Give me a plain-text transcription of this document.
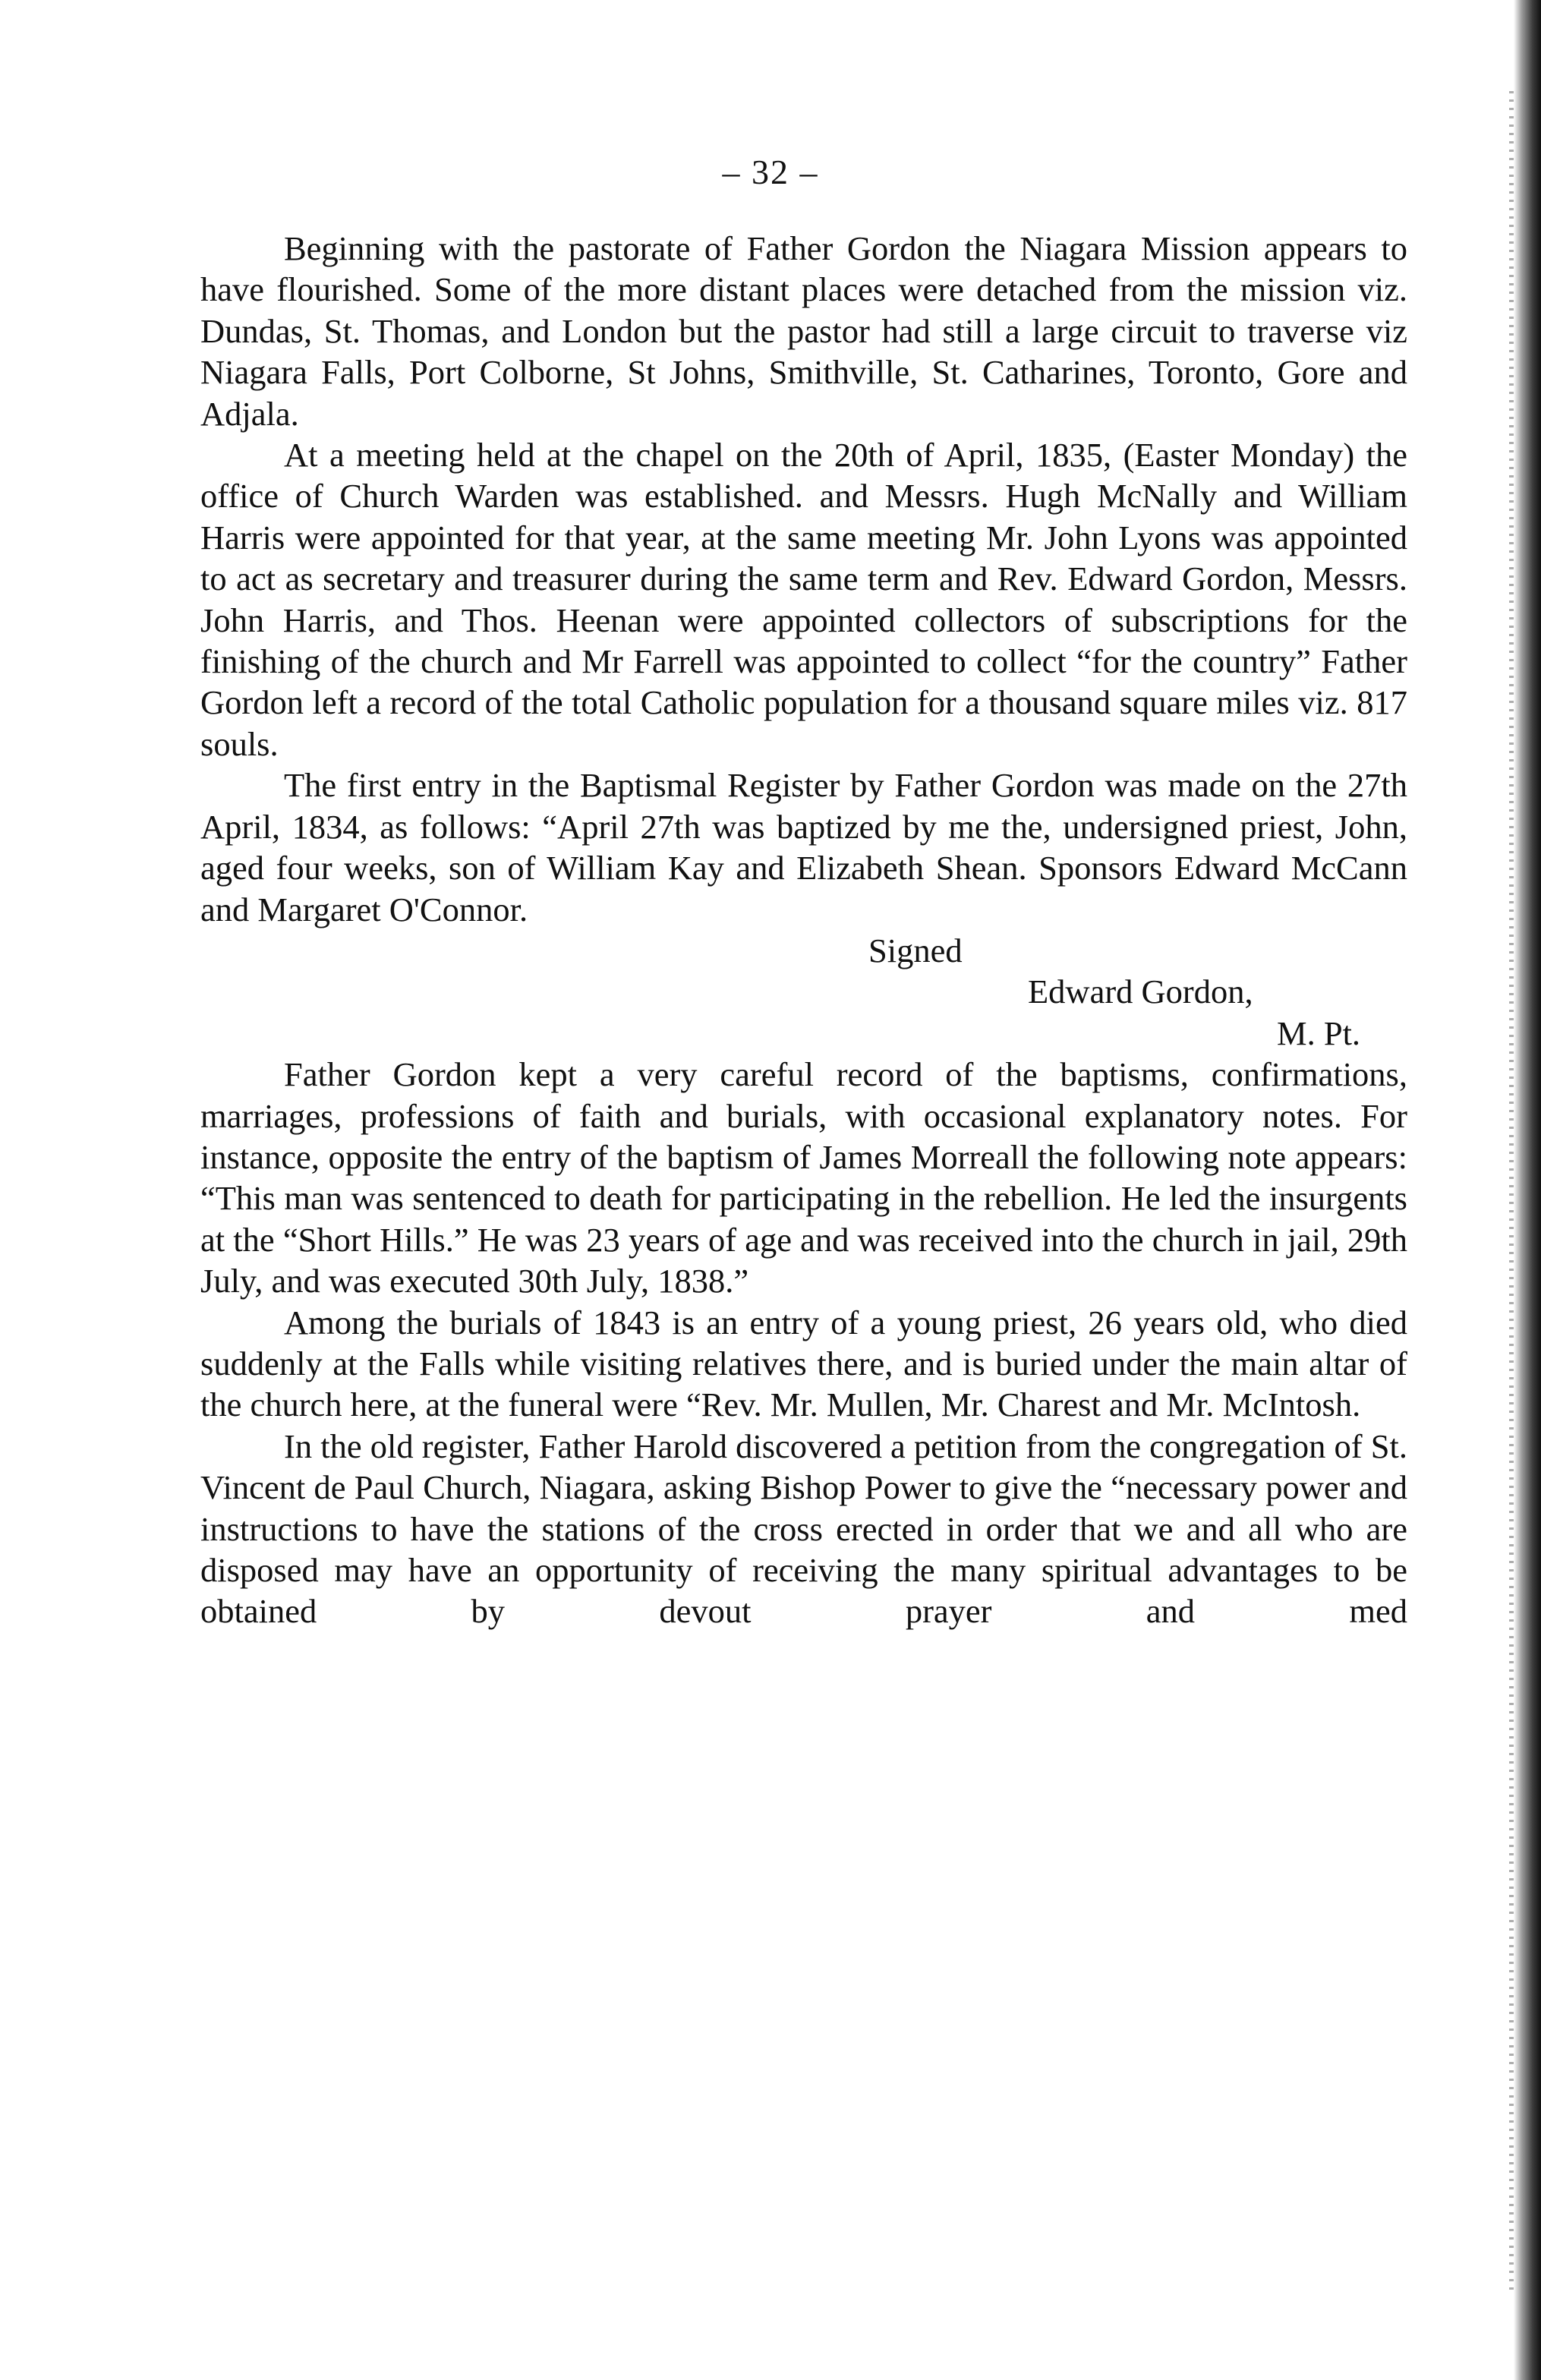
– 32 –

Beginning with the pastorate of Father Gordon the Niagara Mission appears to have flourished. Some of the more distant places were detached from the mission viz. Dundas, St. Thomas, and London but the pastor had still a large circuit to traverse viz Niagara Falls, Port Colborne, St Johns, Smithville, St. Catharines, Toronto, Gore and Adjala.

At a meeting held at the chapel on the 20th of April, 1835, (Easter Monday) the office of Church Warden was established. and Messrs. Hugh McNally and William Harris were appointed for that year, at the same meeting Mr. John Lyons was appointed to act as secretary and treasurer during the same term and Rev. Edward Gordon, Messrs. John Harris, and Thos. Heenan were appointed collectors of subscriptions for the finishing of the church and Mr Farrell was appointed to collect “for the country” Father Gordon left a record of the total Catholic population for a thousand square miles viz. 817 souls.

The first entry in the Baptismal Register by Father Gordon was made on the 27th April, 1834, as follows: “April 27th was baptized by me the, undersigned priest, John, aged four weeks, son of William Kay and Elizabeth Shean. Sponsors Edward McCann and Margaret O'Connor.

Signed
Edward Gordon,
M. Pt.

Father Gordon kept a very careful record of the baptisms, confirmations, marriages, professions of faith and burials, with occasional explanatory notes. For instance, opposite the entry of the baptism of James Morreall the following note appears: “This man was sentenced to death for participating in the rebellion. He led the insurgents at the “Short Hills.” He was 23 years of age and was received into the church in jail, 29th July, and was executed 30th July, 1838.”

Among the burials of 1843 is an entry of a young priest, 26 years old, who died suddenly at the Falls while visiting relatives there, and is buried under the main altar of the church here, at the funeral were “Rev. Mr. Mullen, Mr. Charest and Mr. McIntosh.

In the old register, Father Harold discovered a petition from the congregation of St. Vincent de Paul Church, Niagara, asking Bishop Power to give the “necessary power and instructions to have the stations of the cross erected in order that we and all who are disposed may have an opportunity of receiving the many spiritual advantages to be obtained by devout prayer and med
